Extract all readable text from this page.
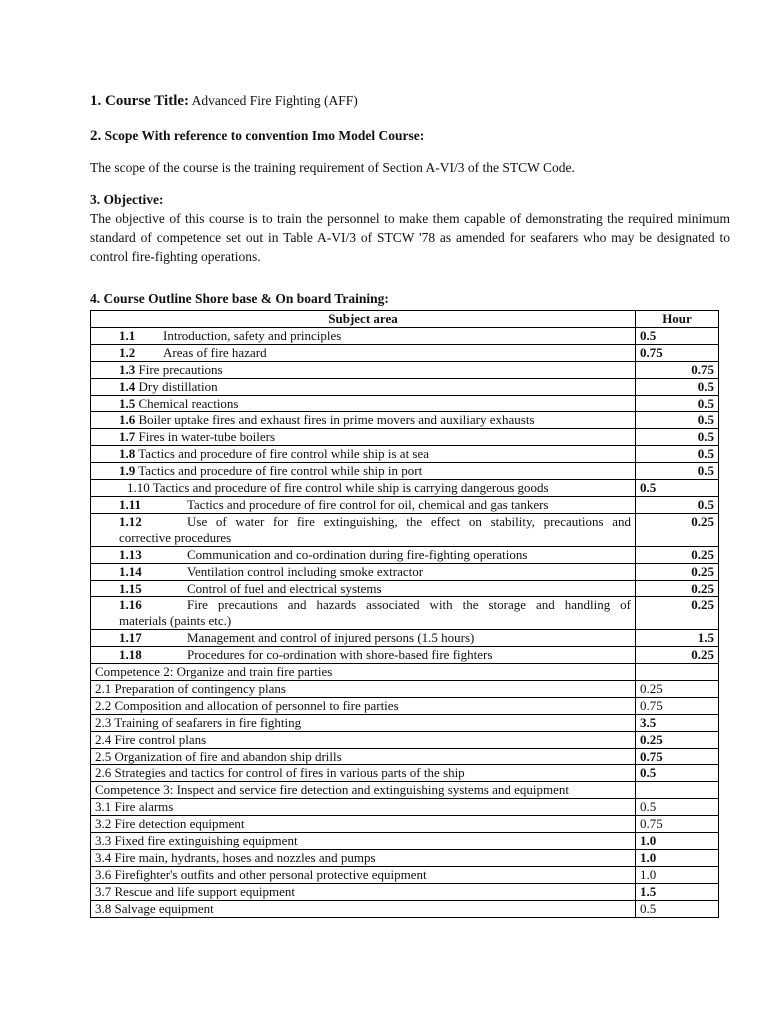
1. Course Title: Advanced Fire Fighting (AFF)
2. Scope With reference to convention Imo Model Course:
The scope of the course is the training requirement of Section A-VI/3 of the STCW Code.
3. Objective:
The objective of this course is to train the personnel to make them capable of demonstrating the required minimum standard of competence set out in Table A-VI/3 of STCW '78 as amended for seafarers who may be designated to control fire-fighting operations.
4. Course Outline Shore base & On board Training:
Subject area	Hour
1.1 Introduction, safety and principles	0.5
1.2 Areas of fire hazard	0.75
1.3 Fire precautions	0.75
1.4 Dry distillation	0.5
1.5 Chemical reactions	0.5
1.6 Boiler uptake fires and exhaust fires in prime movers and auxiliary exhausts	0.5
1.7 Fires in water-tube boilers	0.5
1.8 Tactics and procedure of fire control while ship is at sea	0.5
1.9 Tactics and procedure of fire control while ship in port	0.5
1.10 Tactics and procedure of fire control while ship is carrying dangerous goods	0.5
1.11 Tactics and procedure of fire control for oil, chemical and gas tankers	0.5

1.12 Use of water for fire extinguishing, the effect on stability, precautions and
corrective procedures	0.25
1.13 Communication and co-ordination during fire-fighting operations	0.25
1.14 Ventilation control including smoke extractor	0.25
1.15 Control of fuel and electrical systems	0.25

1.16 Fire precautions and hazards associated with the storage and handling of
materials (paints etc.)	0.25
1.17 Management and control of injured persons (1.5 hours)	1.5
1.18 Procedures for co-ordination with shore-based fire fighters	0.25
Competence 2: Organize and train fire parties	
2.1 Preparation of contingency plans	0.25
2.2 Composition and allocation of personnel to fire parties	0.75
2.3 Training of seafarers in fire fighting	3.5
2.4 Fire control plans	0.25
2.5 Organization of fire and abandon ship drills	0.75
2.6 Strategies and tactics for control of fires in various parts of the ship	0.5
Competence 3: Inspect and service fire detection and extinguishing systems and equipment	
3.1 Fire alarms	0.5
3.2 Fire detection equipment	0.75
3.3 Fixed fire extinguishing equipment	1.0
3.4 Fire main, hydrants, hoses and nozzles and pumps	1.0
3.6 Firefighter's outfits and other personal protective equipment	1.0
3.7 Rescue and life support equipment	1.5
3.8 Salvage equipment	0.5
